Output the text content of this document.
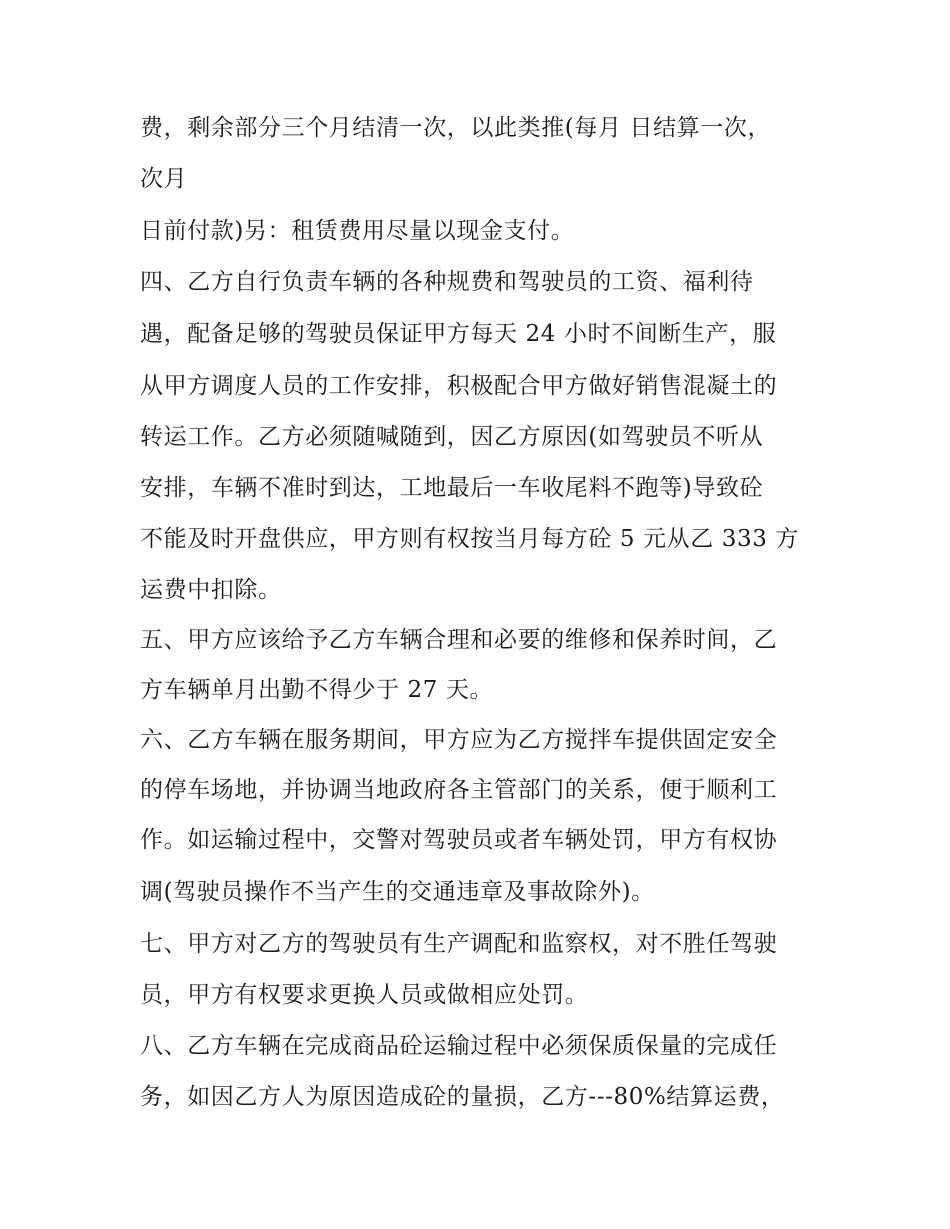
费，剩余部分三个月结清一次，以此类推(每月 日结算一次，
次月
日前付款)另：租赁费用尽量以现金支付。
四、乙方自行负责车辆的各种规费和驾驶员的工资、福利待
遇，配备足够的驾驶员保证甲方每天 24 小时不间断生产，服
从甲方调度人员的工作安排，积极配合甲方做好销售混凝土的
转运工作。乙方必须随喊随到，因乙方原因(如驾驶员不听从
安排，车辆不准时到达，工地最后一车收尾料不跑等)导致砼
不能及时开盘供应，甲方则有权按当月每方砼 5 元从乙 333 方
运费中扣除。
五、甲方应该给予乙方车辆合理和必要的维修和保养时间，乙
方车辆单月出勤不得少于 27 天。
六、乙方车辆在服务期间，甲方应为乙方搅拌车提供固定安全
的停车场地，并协调当地政府各主管部门的关系，便于顺利工
作。如运输过程中，交警对驾驶员或者车辆处罚，甲方有权协
调(驾驶员操作不当产生的交通违章及事故除外)。
七、甲方对乙方的驾驶员有生产调配和监察权，对不胜任驾驶
员，甲方有权要求更换人员或做相应处罚。
八、乙方车辆在完成商品砼运输过程中必须保质保量的完成任
务，如因乙方人为原因造成砼的量损，乙方---80%结算运费，
